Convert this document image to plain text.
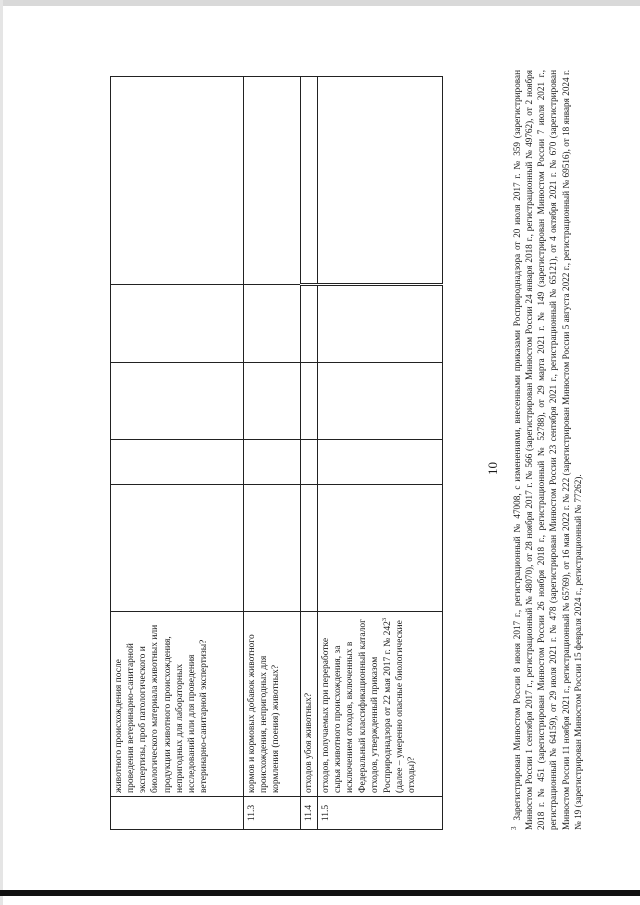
10
	животного происхождения после проведения ветеринарно-санитарной экспертизы, проб патологического и биологического материала животных или продукции животного происхождения, непригодных для лабораторных исследований или для проведения ветеринарно-санитарной экспертизы?					
11.3	кормов и кормовых добавок животного происхождения, непригодных для кормления (поения) животных?					
11.4	отходов убоя животных?					
11.5	отходов, получаемых при переработке сырья животного происхождения, за исключением отходов, включенных в Федеральный классификационный каталог отходов, утвержденный приказом Росприроднадзора от 22 мая 2017 г. № 242$^3$ (далее – умеренно опасные биологические отходы)?					
$^3$Зарегистрирован Минюстом России 8 июня 2017 г., регистрационный № 47008, с изменениями, внесенными приказами Росприроднадзора от 20 июля 2017 г. № 359 (зарегистрирован Минюстом России 1 сентября 2017 г., регистрационный № 48070), от 28 ноября 2017 г. № 566 (зарегистрирован Минюстом России 24 января 2018 г., регистрационный № 49762), от 2 ноября 2018 г. № 451 (зарегистрирован Минюстом России 26 ноября 2018 г., регистрационный № 52788), от 29 марта 2021 г. № 149 (зарегистрирован Минюстом России 7 июля 2021 г., регистрационный № 64159), от 29 июля 2021 г. № 478 (зарегистрирован Минюстом России 23 сентября 2021 г., регистрационный № 65121), от 4 октября 2021 г. № 670 (зарегистрирован Минюстом России 11 ноября 2021 г., регистрационный № 65769), от 16 мая 2022 г. № 222 (зарегистрирован Минюстом России 5 августа 2022 г., регистрационный № 69516), от 18 января 2024 г. № 19 (зарегистрирован Минюстом России 15 февраля 2024 г., регистрационный № 77262).
